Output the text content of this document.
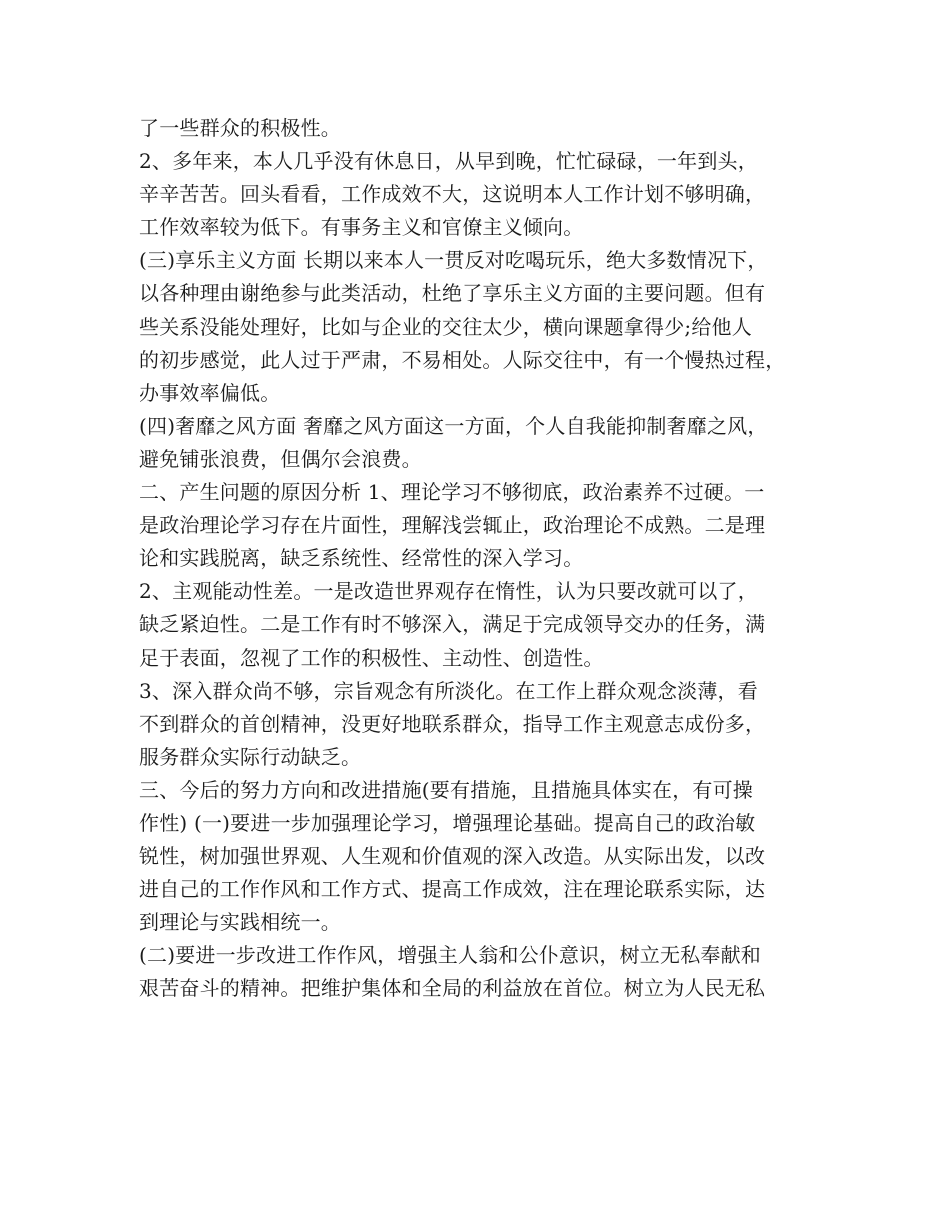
了一些群众的积极性。
2、多年来，本人几乎没有休息日，从早到晚，忙忙碌碌，一年到头，
辛辛苦苦。回头看看，工作成效不大，这说明本人工作计划不够明确，
工作效率较为低下。有事务主义和官僚主义倾向。
(三)享乐主义方面 长期以来本人一贯反对吃喝玩乐，绝大多数情况下，
以各种理由谢绝参与此类活动，杜绝了享乐主义方面的主要问题。但有
些关系没能处理好，比如与企业的交往太少，横向课题拿得少;给他人
的初步感觉，此人过于严肃，不易相处。人际交往中，有一个慢热过程，
办事效率偏低。
(四)奢靡之风方面 奢靡之风方面这一方面，个人自我能抑制奢靡之风，
避免铺张浪费，但偶尔会浪费。
二、产生问题的原因分析 1、理论学习不够彻底，政治素养不过硬。一
是政治理论学习存在片面性，理解浅尝辄止，政治理论不成熟。二是理
论和实践脱离，缺乏系统性、经常性的深入学习。
2、主观能动性差。一是改造世界观存在惰性，认为只要改就可以了，
缺乏紧迫性。二是工作有时不够深入，满足于完成领导交办的任务，满
足于表面，忽视了工作的积极性、主动性、创造性。
3、深入群众尚不够，宗旨观念有所淡化。在工作上群众观念淡薄，看
不到群众的首创精神，没更好地联系群众，指导工作主观意志成份多，
服务群众实际行动缺乏。
三、今后的努力方向和改进措施(要有措施，且措施具体实在，有可操
作性) (一)要进一步加强理论学习，增强理论基础。提高自己的政治敏
锐性，树加强世界观、人生观和价值观的深入改造。从实际出发，以改
进自己的工作作风和工作方式、提高工作成效，注在理论联系实际，达
到理论与实践相统一。
(二)要进一步改进工作作风，增强主人翁和公仆意识，树立无私奉献和
艰苦奋斗的精神。把维护集体和全局的利益放在首位。树立为人民无私
